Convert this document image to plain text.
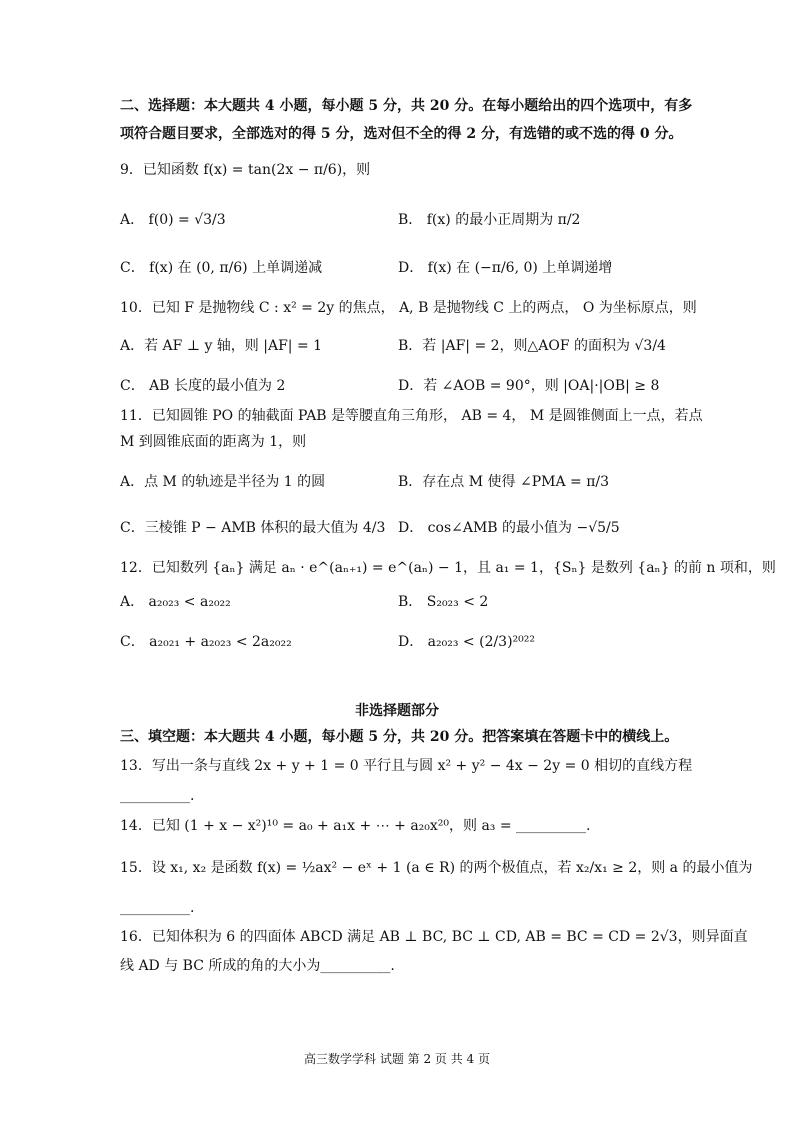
二、选择题：本大题共 4 小题，每小题 5 分，共 20 分。在每小题给出的四个选项中，有多
项符合题目要求，全部选对的得 5 分，选对但不全的得 2 分，有选错的或不选的得 0 分。
9．已知函数 f(x) = tan(2x − π/6)，则
A． f(0) = √3/3	B． f(x) 的最小正周期为 π/2
C． f(x) 在 (0, π/6) 上单调递减	D． f(x) 在 (−π/6, 0) 上单调递增
10．已知 F 是抛物线 C : x² = 2y 的焦点， A, B 是抛物线 C 上的两点， O 为坐标原点，则
A．若 AF ⊥ y 轴，则 |AF| = 1	B．若 |AF| = 2，则△AOF 的面积为 √3/4
C． AB 长度的最小值为 2	D．若 ∠AOB = 90°，则 |OA|·|OB| ≥ 8
11．已知圆锥 PO 的轴截面 PAB 是等腰直角三角形， AB = 4， M 是圆锥侧面上一点，若点
M 到圆锥底面的距离为 1，则
A．点 M 的轨迹是半径为 1 的圆	B．存在点 M 使得 ∠PMA = π/3
C．三棱锥 P − AMB 体积的最大值为 4/3 D． cos∠AMB 的最小值为 −√5/5
12．已知数列 {aₙ} 满足 aₙ · e^(aₙ₊₁) = e^(aₙ) − 1，且 a₁ = 1，{Sₙ} 是数列 {aₙ} 的前 n 项和，则
A． a₂₀₂₃ < a₂₀₂₂	B． S₂₀₂₃ < 2
C． a₂₀₂₁ + a₂₀₂₃ < 2a₂₀₂₂	D． a₂₀₂₃ < (2/3)²⁰²²
非选择题部分
三、填空题：本大题共 4 小题，每小题 5 分，共 20 分。把答案填在答题卡中的横线上。
13．写出一条与直线 2x + y + 1 = 0 平行且与圆 x² + y² − 4x − 2y = 0 相切的直线方程
__________.
14．已知 (1 + x − x²)¹⁰ = a₀ + a₁x + ⋯ + a₂₀x²⁰，则 a₃ = __________.
15．设 x₁, x₂ 是函数 f(x) = ½ax² − eˣ + 1 (a ∈ R) 的两个极值点，若 x₂/x₁ ≥ 2，则 a 的最小值为
__________.
16．已知体积为 6 的四面体 ABCD 满足 AB ⊥ BC, BC ⊥ CD, AB = BC = CD = 2√3，则异面直
线 AD 与 BC 所成的角的大小为__________.
高三数学学科 试题 第 2 页 共 4 页
